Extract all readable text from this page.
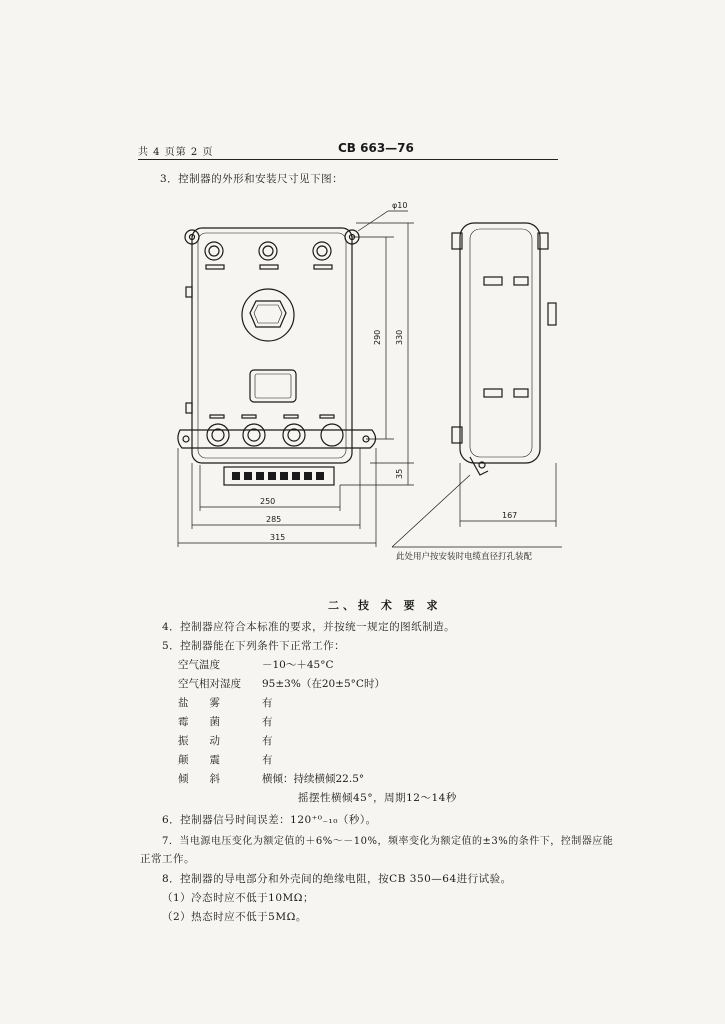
共 4 页第 2 页	CB 663—76
3．控制器的外形和安装尺寸见下图：
φ10
290 330
35
250
285
315
167
此处用户按安装时电缆直径打孔装配
二、技 术 要 求
4．控制器应符合本标准的要求，并按统一规定的图纸制造。
5．控制器能在下列条件下正常工作：
空气温度	－10～＋45°C
空气相对湿度 95±3%（在20±5°C时）
盐　　雾	有
霉　　菌	有
振　　动	有
颠　　震	有
倾　　斜	横倾：持续横倾22.5°
摇摆性横倾45°，周期12～14秒
6．控制器信号时间误差：120⁺⁰₋₁₀（秒）。
7．当电源电压变化为额定值的＋6%～－10%，频率变化为额定值的±3%的条件下，控制器应能
正常工作。
8．控制器的导电部分和外壳间的绝缘电阻，按CB 350—64进行试验。
（1）冷态时应不低于10MΩ；
（2）热态时应不低于5MΩ。
